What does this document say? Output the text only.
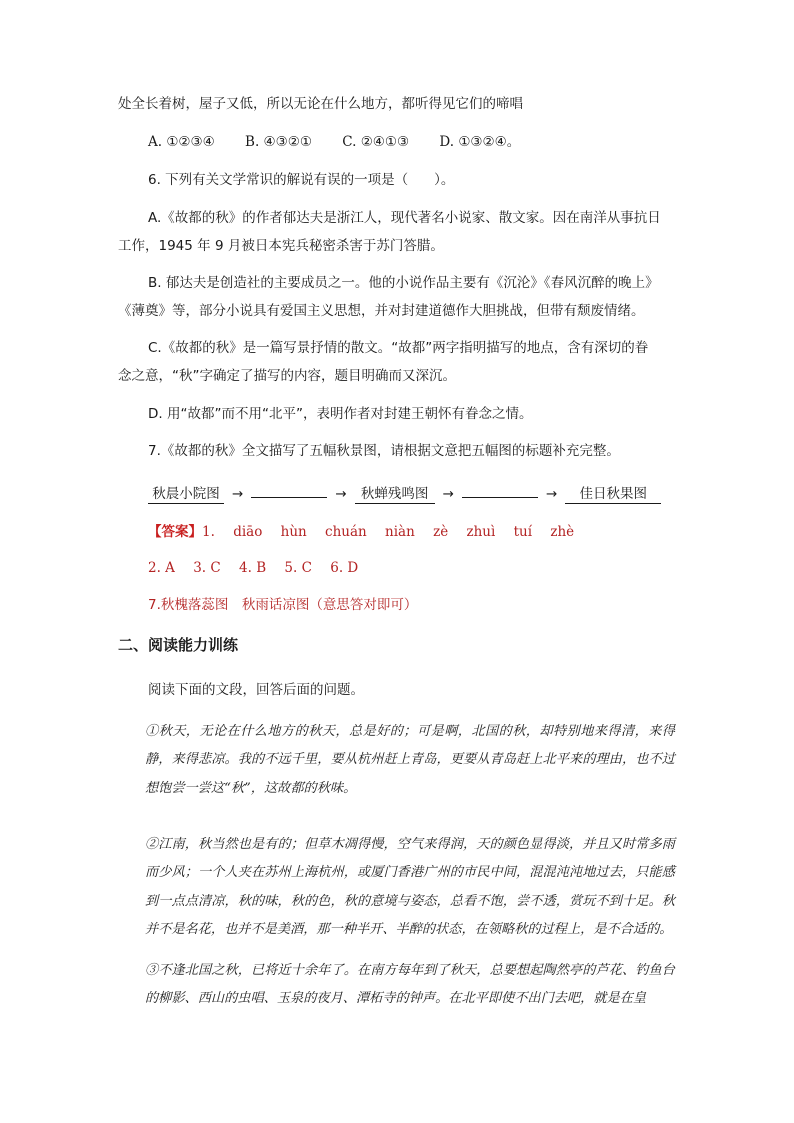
处全长着树，屋子又低，所以无论在什么地方，都听得见它们的啼唱
A. ①②③④ B. ④③②① C. ②④①③ D. ①③②④。
6. 下列有关文学常识的解说有误的一项是（ ）。
A.《故都的秋》的作者郁达夫是浙江人，现代著名小说家、散文家。因在南洋从事抗日
工作，1945 年 9 月被日本宪兵秘密杀害于苏门答腊。
B. 郁达夫是创造社的主要成员之一。他的小说作品主要有《沉沦》《春风沉醉的晚上》
《薄奠》等，部分小说具有爱国主义思想，并对封建道德作大胆挑战，但带有颓废情绪。
C.《故都的秋》是一篇写景抒情的散文。“故都”两字指明描写的地点，含有深切的眷
念之意，“秋”字确定了描写的内容，题目明确而又深沉。
D. 用“故都”而不用“北平”，表明作者对封建王朝怀有眷念之情。
7.《故都的秋》全文描写了五幅秋景图，请根据文意把五幅图的标题补充完整。
秋晨小院图 →	→ 秋蝉残鸣图 →	→ 佳日秋果图
【答案】1. diāo hùn chuán niàn zè zhuì tuí zhè
2. A 3. C 4. B 5. C 6. D
7.秋槐落蕊图　秋雨话凉图（意思答对即可）
二、阅读能力训练
阅读下面的文段，回答后面的问题。

①秋天，无论在什么地方的秋天，总是好的；可是啊，北国的秋，却特别地来得清，来得静，来得悲凉。我的不远千里，要从杭州赶上青岛，更要从青岛赶上北平来的理由，也不过想饱尝一尝这“秋”，这故都的秋味。

②江南，秋当然也是有的；但草木凋得慢，空气来得润，天的颜色显得淡，并且又时常多雨而少风；一个人夹在苏州上海杭州，或厦门香港广州的市民中间，混混沌沌地过去，只能感到一点点清凉，秋的味，秋的色，秋的意境与姿态，总看不饱，尝不透，赏玩不到十足。秋并不是名花，也并不是美酒，那一种半开、半醉的状态，在领略秋的过程上，是不合适的。

③不逢北国之秋，已将近十余年了。在南方每年到了秋天，总要想起陶然亭的芦花、钓鱼台的柳影、西山的虫唱、玉泉的夜月、潭柘寺的钟声。在北平即使不出门去吧，就是在皇
